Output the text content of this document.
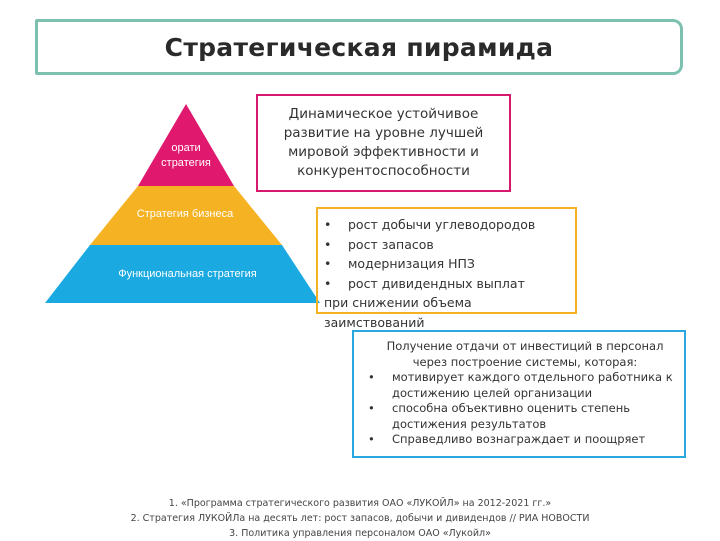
Стратегическая пирамида
орати
стратегия
Стратегия бизнеса
Функциональная стратегия
Динамическое устойчивое развитие на уровне лучшей мировой эффективности и конкурентоспособности
•	рост добычи углеводородов
•	рост запасов
•	модернизация НПЗ
•	рост дивидендных выплат
при снижении объема заимствований
Получение отдачи от инвестиций в персонал через построение системы, которая:
•	мотивирует каждого отдельного работника к достижению целей организации
•	способна объективно оценить степень достижения результатов
•	Справедливо вознаграждает и поощряет
1. «Программа стратегического развития ОАО «ЛУКОЙЛ» на 2012-2021 гг.»
2. Стратегия ЛУКОЙЛа на десять лет: рост запасов, добычи и дивидендов // РИА НОВОСТИ
3. Политика управления персоналом ОАО «Лукойл»
